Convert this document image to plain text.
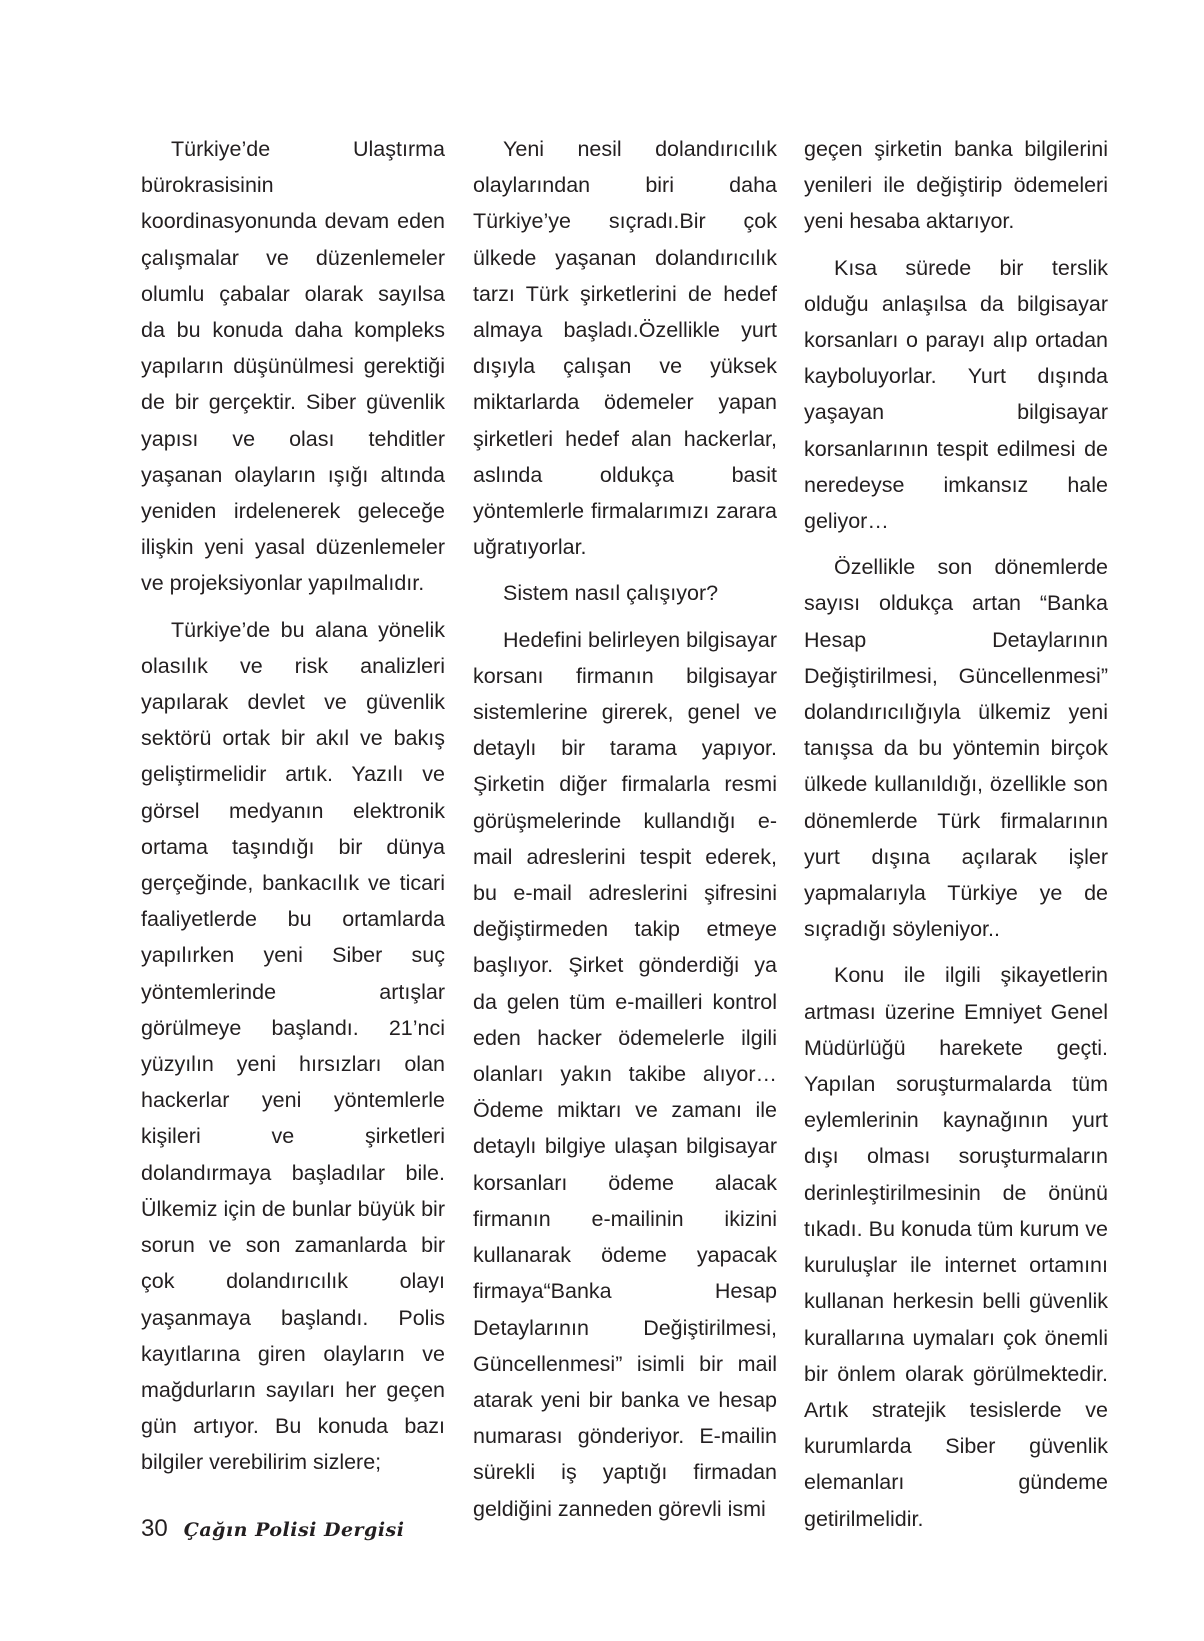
Türkiye’de Ulaştırma bürokrasisinin koordinasyonunda devam eden çalışmalar ve düzenlemeler olumlu çabalar olarak sayılsa da bu konuda daha kompleks yapıların düşünülmesi gerektiği de bir gerçektir. Siber güvenlik yapısı ve olası tehditler yaşanan olayların ışığı altında yeniden irdelenerek geleceğe ilişkin yeni yasal düzenlemeler ve projeksiyonlar yapılmalıdır.

Türkiye’de bu alana yönelik olasılık ve risk analizleri yapılarak devlet ve güvenlik sektörü ortak bir akıl ve bakış geliştirmelidir artık. Yazılı ve görsel medyanın elektronik ortama taşındığı bir dünya gerçeğinde, bankacılık ve ticari faaliyetlerde bu ortamlarda yapılırken yeni Siber suç yöntemlerinde artışlar görülmeye başlandı. 21’nci yüzyılın yeni hırsızları olan hackerlar yeni yöntemlerle kişileri ve şirketleri dolandırmaya başladılar bile. Ülkemiz için de bunlar büyük bir sorun ve son zamanlarda bir çok dolandırıcılık olayı yaşanmaya başlandı. Polis kayıtlarına giren olayların ve mağdurların sayıları her geçen gün artıyor. Bu konuda bazı bilgiler verebilirim sizlere;

Yeni nesil dolandırıcılık olaylarından biri daha Türkiye’ye sıçradı.Bir çok ülkede yaşanan dolandırıcılık tarzı Türk şirketlerini de hedef almaya başladı.Özellikle yurt dışıyla çalışan ve yüksek miktarlarda ödemeler yapan şirketleri hedef alan hackerlar, aslında oldukça basit yöntemlerle firmalarımızı zarara uğratıyorlar.

Sistem nasıl çalışıyor?

Hedefini belirleyen bilgisayar korsanı firmanın bilgisayar sistemlerine girerek, genel ve detaylı bir tarama yapıyor. Şirketin diğer firmalarla resmi görüşmelerinde kullandığı e-mail adreslerini tespit ederek, bu e-mail adreslerini şifresini değiştirmeden takip etmeye başlıyor. Şirket gönderdiği ya da gelen tüm e-mailleri kontrol eden hacker ödemelerle ilgili olanları yakın takibe alıyor…Ödeme miktarı ve zamanı ile detaylı bilgiye ulaşan bilgisayar korsanları ödeme alacak firmanın e-mailinin ikizini kullanarak ödeme yapacak firmaya“Banka Hesap Detaylarının Değiştirilmesi, Güncellenmesi” isimli bir mail atarak yeni bir banka ve hesap numarası gönderiyor. E-mailin sürekli iş yaptığı firmadan geldiğini zanneden görevli ismi

geçen şirketin banka bilgilerini yenileri ile değiştirip ödemeleri yeni hesaba aktarıyor.

Kısa sürede bir terslik olduğu anlaşılsa da bilgisayar korsanları o parayı alıp ortadan kayboluyorlar. Yurt dışında yaşayan bilgisayar korsanlarının tespit edilmesi de neredeyse imkansız hale geliyor…

Özellikle son dönemlerde sayısı oldukça artan “Banka Hesap Detaylarının Değiştirilmesi, Güncellenmesi” dolandırıcılığıyla ülkemiz yeni tanışsa da bu yöntemin birçok ülkede kullanıldığı, özellikle son dönemlerde Türk firmalarının yurt dışına açılarak işler yapmalarıyla Türkiye ye de sıçradığı söyleniyor..

Konu ile ilgili şikayetlerin artması üzerine Emniyet Genel Müdürlüğü harekete geçti. Yapılan soruşturmalarda tüm eylemlerinin kaynağının yurt dışı olması soruşturmaların derinleştirilmesinin de önünü tıkadı. Bu konuda tüm kurum ve kuruluşlar ile internet ortamını kullanan herkesin belli güvenlik kurallarına uymaları çok önemli bir önlem olarak görülmektedir. Artık stratejik tesislerde ve kurumlarda Siber güvenlik elemanları gündeme getirilmelidir.

30 Çağın Polisi Dergisi
